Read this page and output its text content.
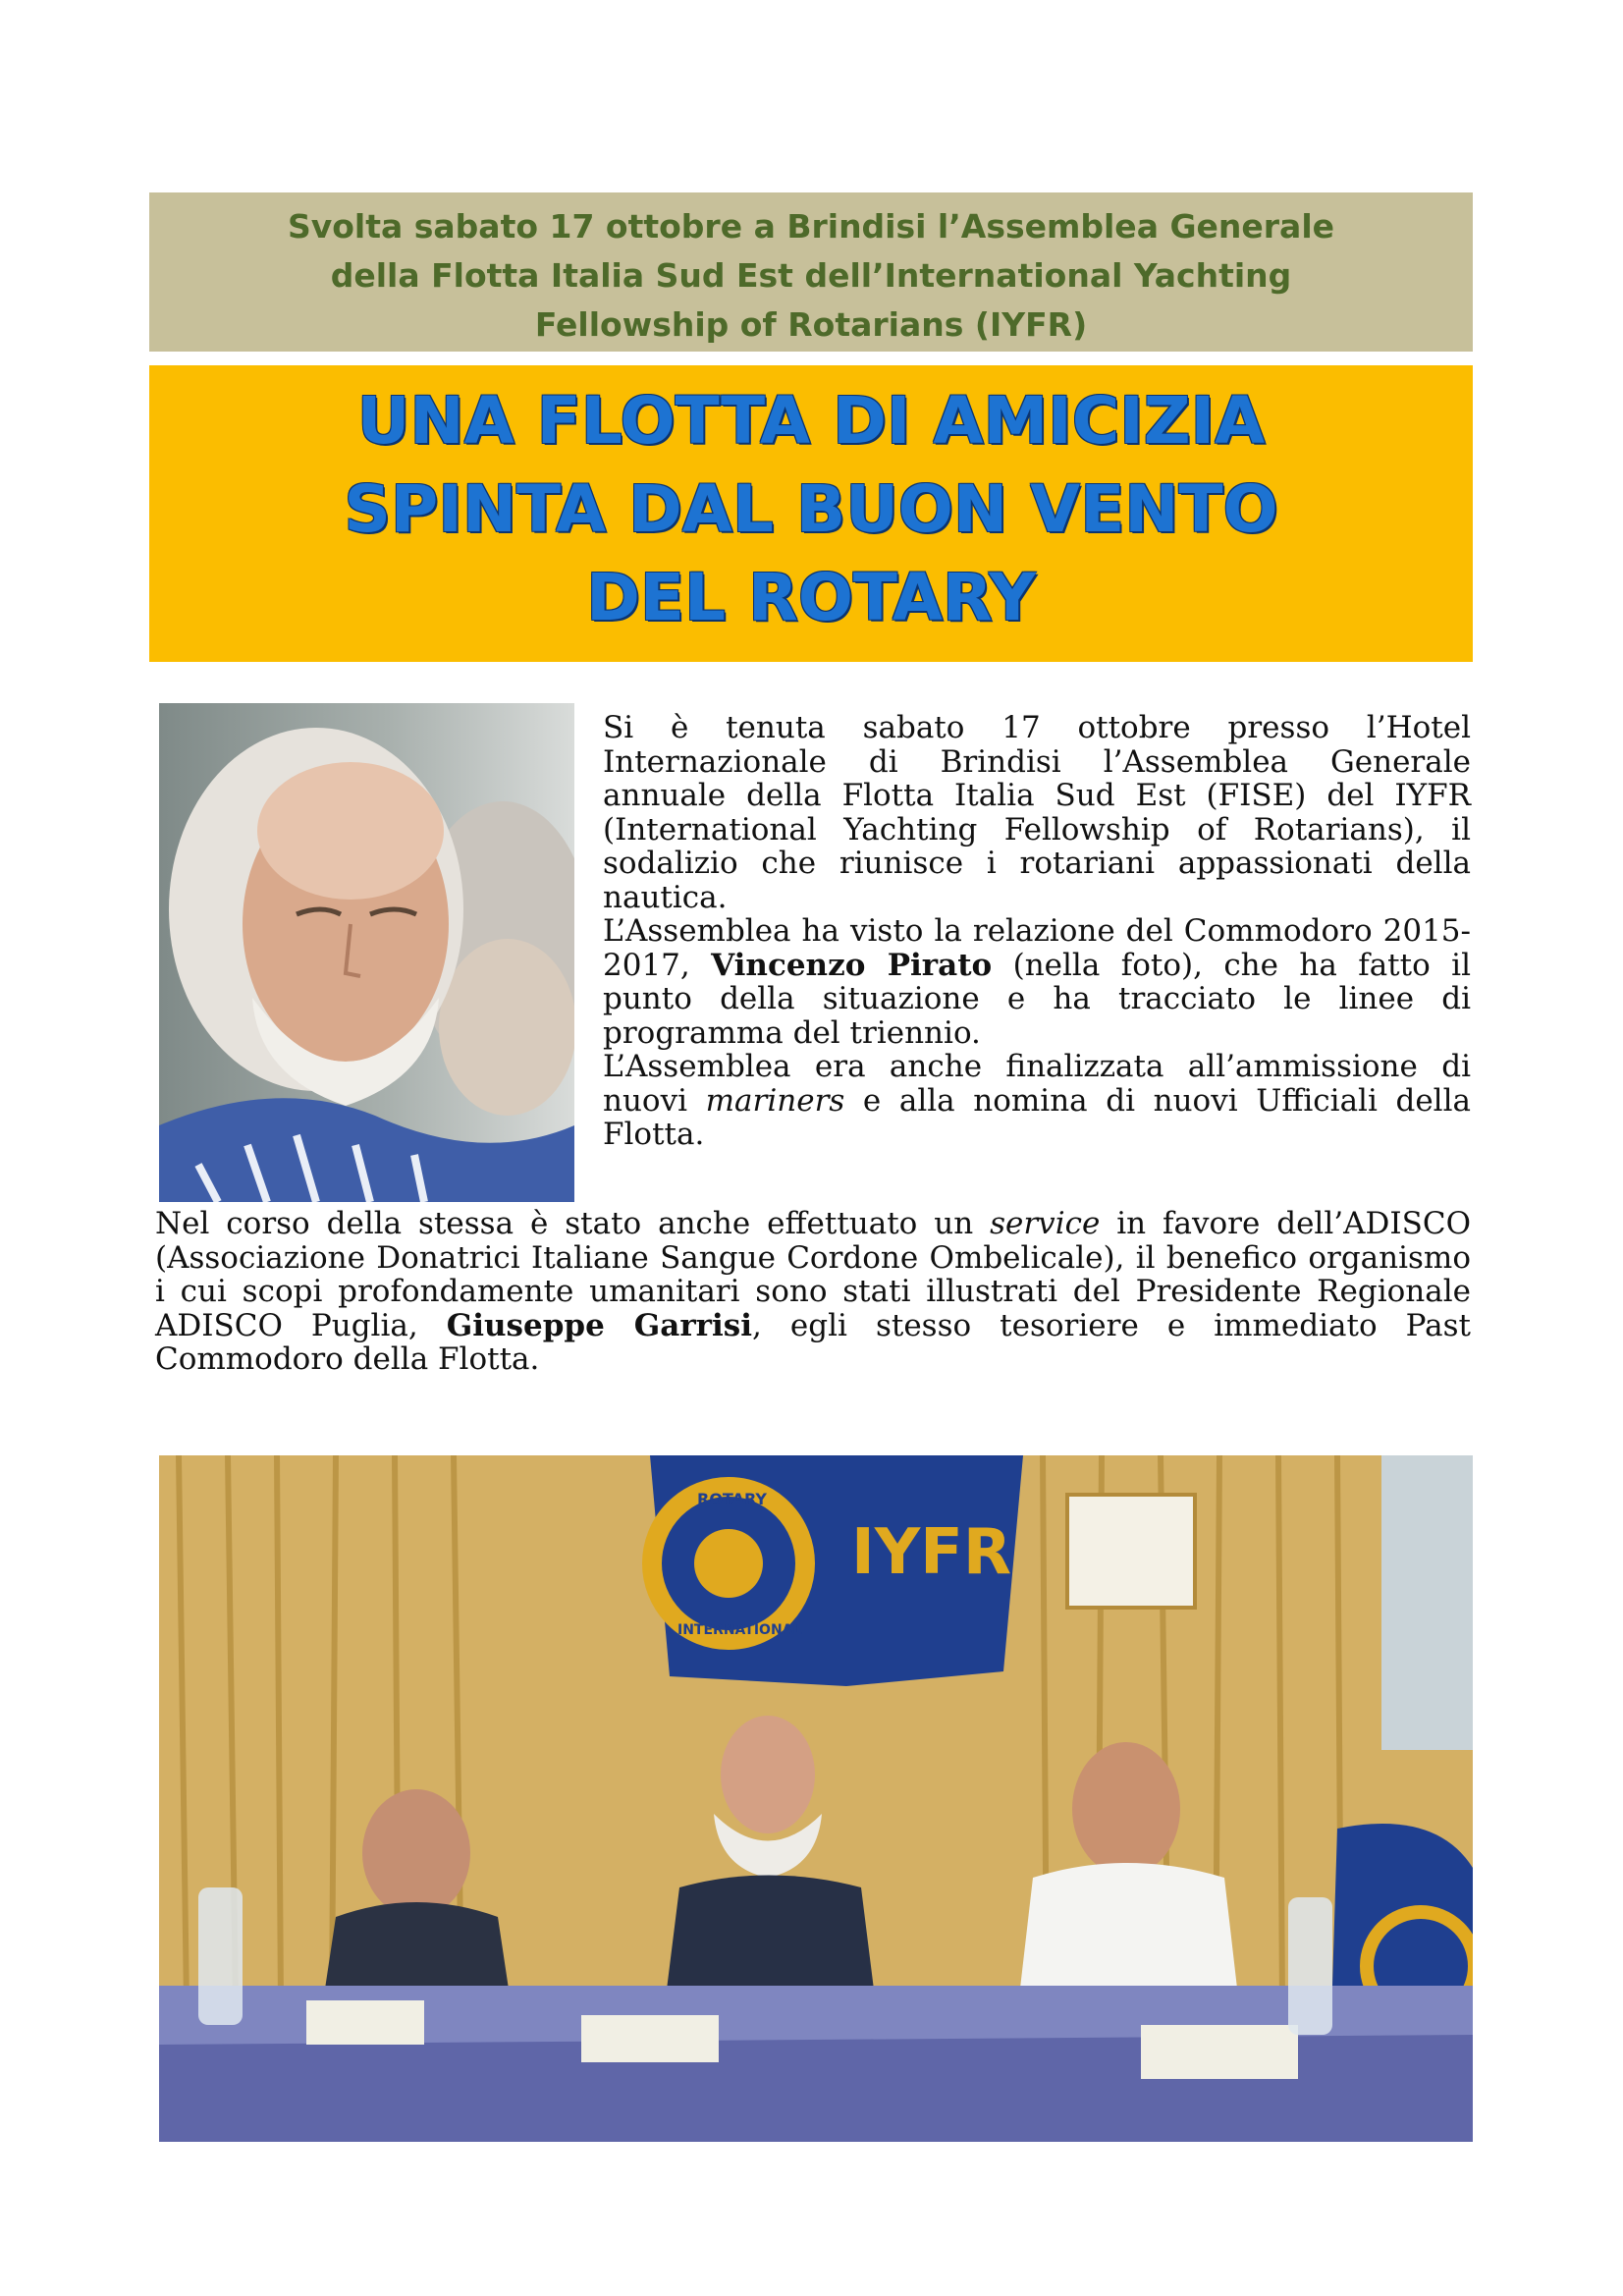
Svolta sabato 17 ottobre a Brindisi l’Assemblea Generale
della Flotta Italia Sud Est dell’International Yachting
Fellowship of Rotarians (IYFR)
UNA FLOTTA DI AMICIZIA
SPINTA DAL BUON VENTO
DEL ROTARY

Si è tenuta sabato 17 ottobre presso l’Hotel Internazionale di Brindisi l’Assemblea Generale annuale della Flotta Italia Sud Est (FISE) del IYFR (International Yachting Fellowship of Rotarians), il sodalizio che riunisce i rotariani appassionati della nautica.

L’Assemblea ha visto la relazione del Commodoro 2015-2017, Vincenzo Pirato (nella foto), che ha fatto il punto della situazione e ha tracciato le linee di programma del triennio.

L’Assemblea era anche finalizzata all’ammissione di nuovi mariners e alla nomina di nuovi Ufficiali della Flotta.

Nel corso della stessa è stato anche effettuato un service in favore dell’ADISCO (Associazione Donatrici Italiane Sangue Cordone Ombelicale), il benefico organismo i cui scopi profondamente umanitari sono stati illustrati del Presidente Regionale ADISCO Puglia, Giuseppe Garrisi, egli stesso tesoriere e immediato Past Commodoro della Flotta.

IYFR
ROTARY
INTERNATIONAL
